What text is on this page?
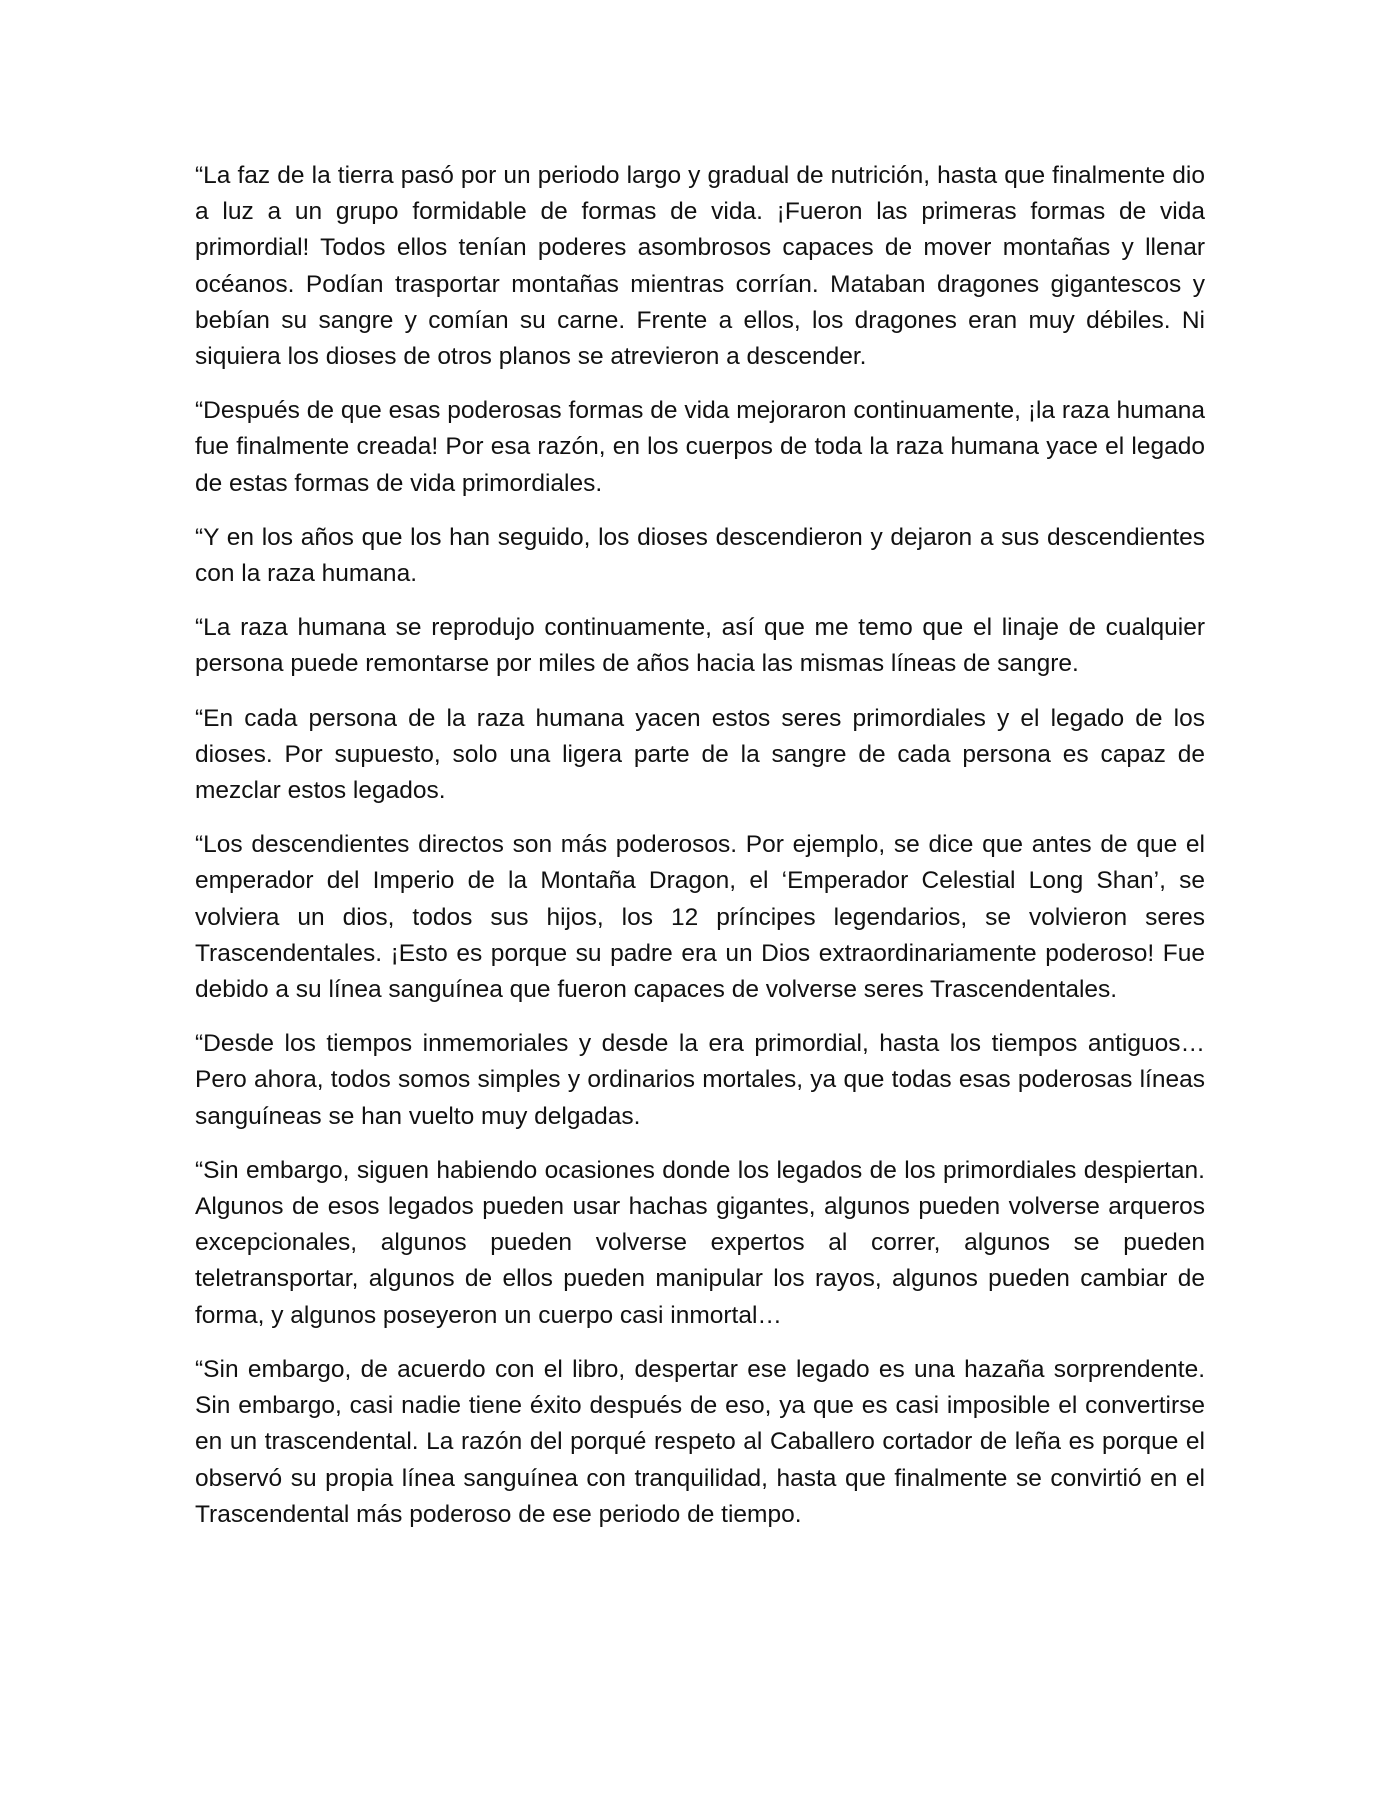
“La faz de la tierra pasó por un periodo largo y gradual de nutrición, hasta que finalmente dio a luz a un grupo formidable de formas de vida. ¡Fueron las primeras formas de vida primordial! Todos ellos tenían poderes asombrosos capaces de mover montañas y llenar océanos. Podían trasportar montañas mientras corrían. Mataban dragones gigantescos y bebían su sangre y comían su carne. Frente a ellos, los dragones eran muy débiles. Ni siquiera los dioses de otros planos se atrevieron a descender.

“Después de que esas poderosas formas de vida mejoraron continuamente, ¡la raza humana fue finalmente creada! Por esa razón, en los cuerpos de toda la raza humana yace el legado de estas formas de vida primordiales.

“Y en los años que los han seguido, los dioses descendieron y dejaron a sus descendientes con la raza humana.

“La raza humana se reprodujo continuamente, así que me temo que el linaje de cualquier persona puede remontarse por miles de años hacia las mismas líneas de sangre.

“En cada persona de la raza humana yacen estos seres primordiales y el legado de los dioses. Por supuesto, solo una ligera parte de la sangre de cada persona es capaz de mezclar estos legados.

“Los descendientes directos son más poderosos. Por ejemplo, se dice que antes de que el emperador del Imperio de la Montaña Dragon, el ‘Emperador Celestial Long Shan’, se volviera un dios, todos sus hijos, los 12 príncipes legendarios, se volvieron seres Trascendentales. ¡Esto es porque su padre era un Dios extraordinariamente poderoso! Fue debido a su línea sanguínea que fueron capaces de volverse seres Trascendentales.

“Desde los tiempos inmemoriales y desde la era primordial, hasta los tiempos antiguos… Pero ahora, todos somos simples y ordinarios mortales, ya que todas esas poderosas líneas sanguíneas se han vuelto muy delgadas.

“Sin embargo, siguen habiendo ocasiones donde los legados de los primordiales despiertan. Algunos de esos legados pueden usar hachas gigantes, algunos pueden volverse arqueros excepcionales, algunos pueden volverse expertos al correr, algunos se pueden teletransportar, algunos de ellos pueden manipular los rayos, algunos pueden cambiar de forma, y algunos poseyeron un cuerpo casi inmortal…

“Sin embargo, de acuerdo con el libro, despertar ese legado es una hazaña sorprendente. Sin embargo, casi nadie tiene éxito después de eso, ya que es casi imposible el convertirse en un trascendental. La razón del porqué respeto al Caballero cortador de leña es porque el observó su propia línea sanguínea con tranquilidad, hasta que finalmente se convirtió en el Trascendental más poderoso de ese periodo de tiempo.
